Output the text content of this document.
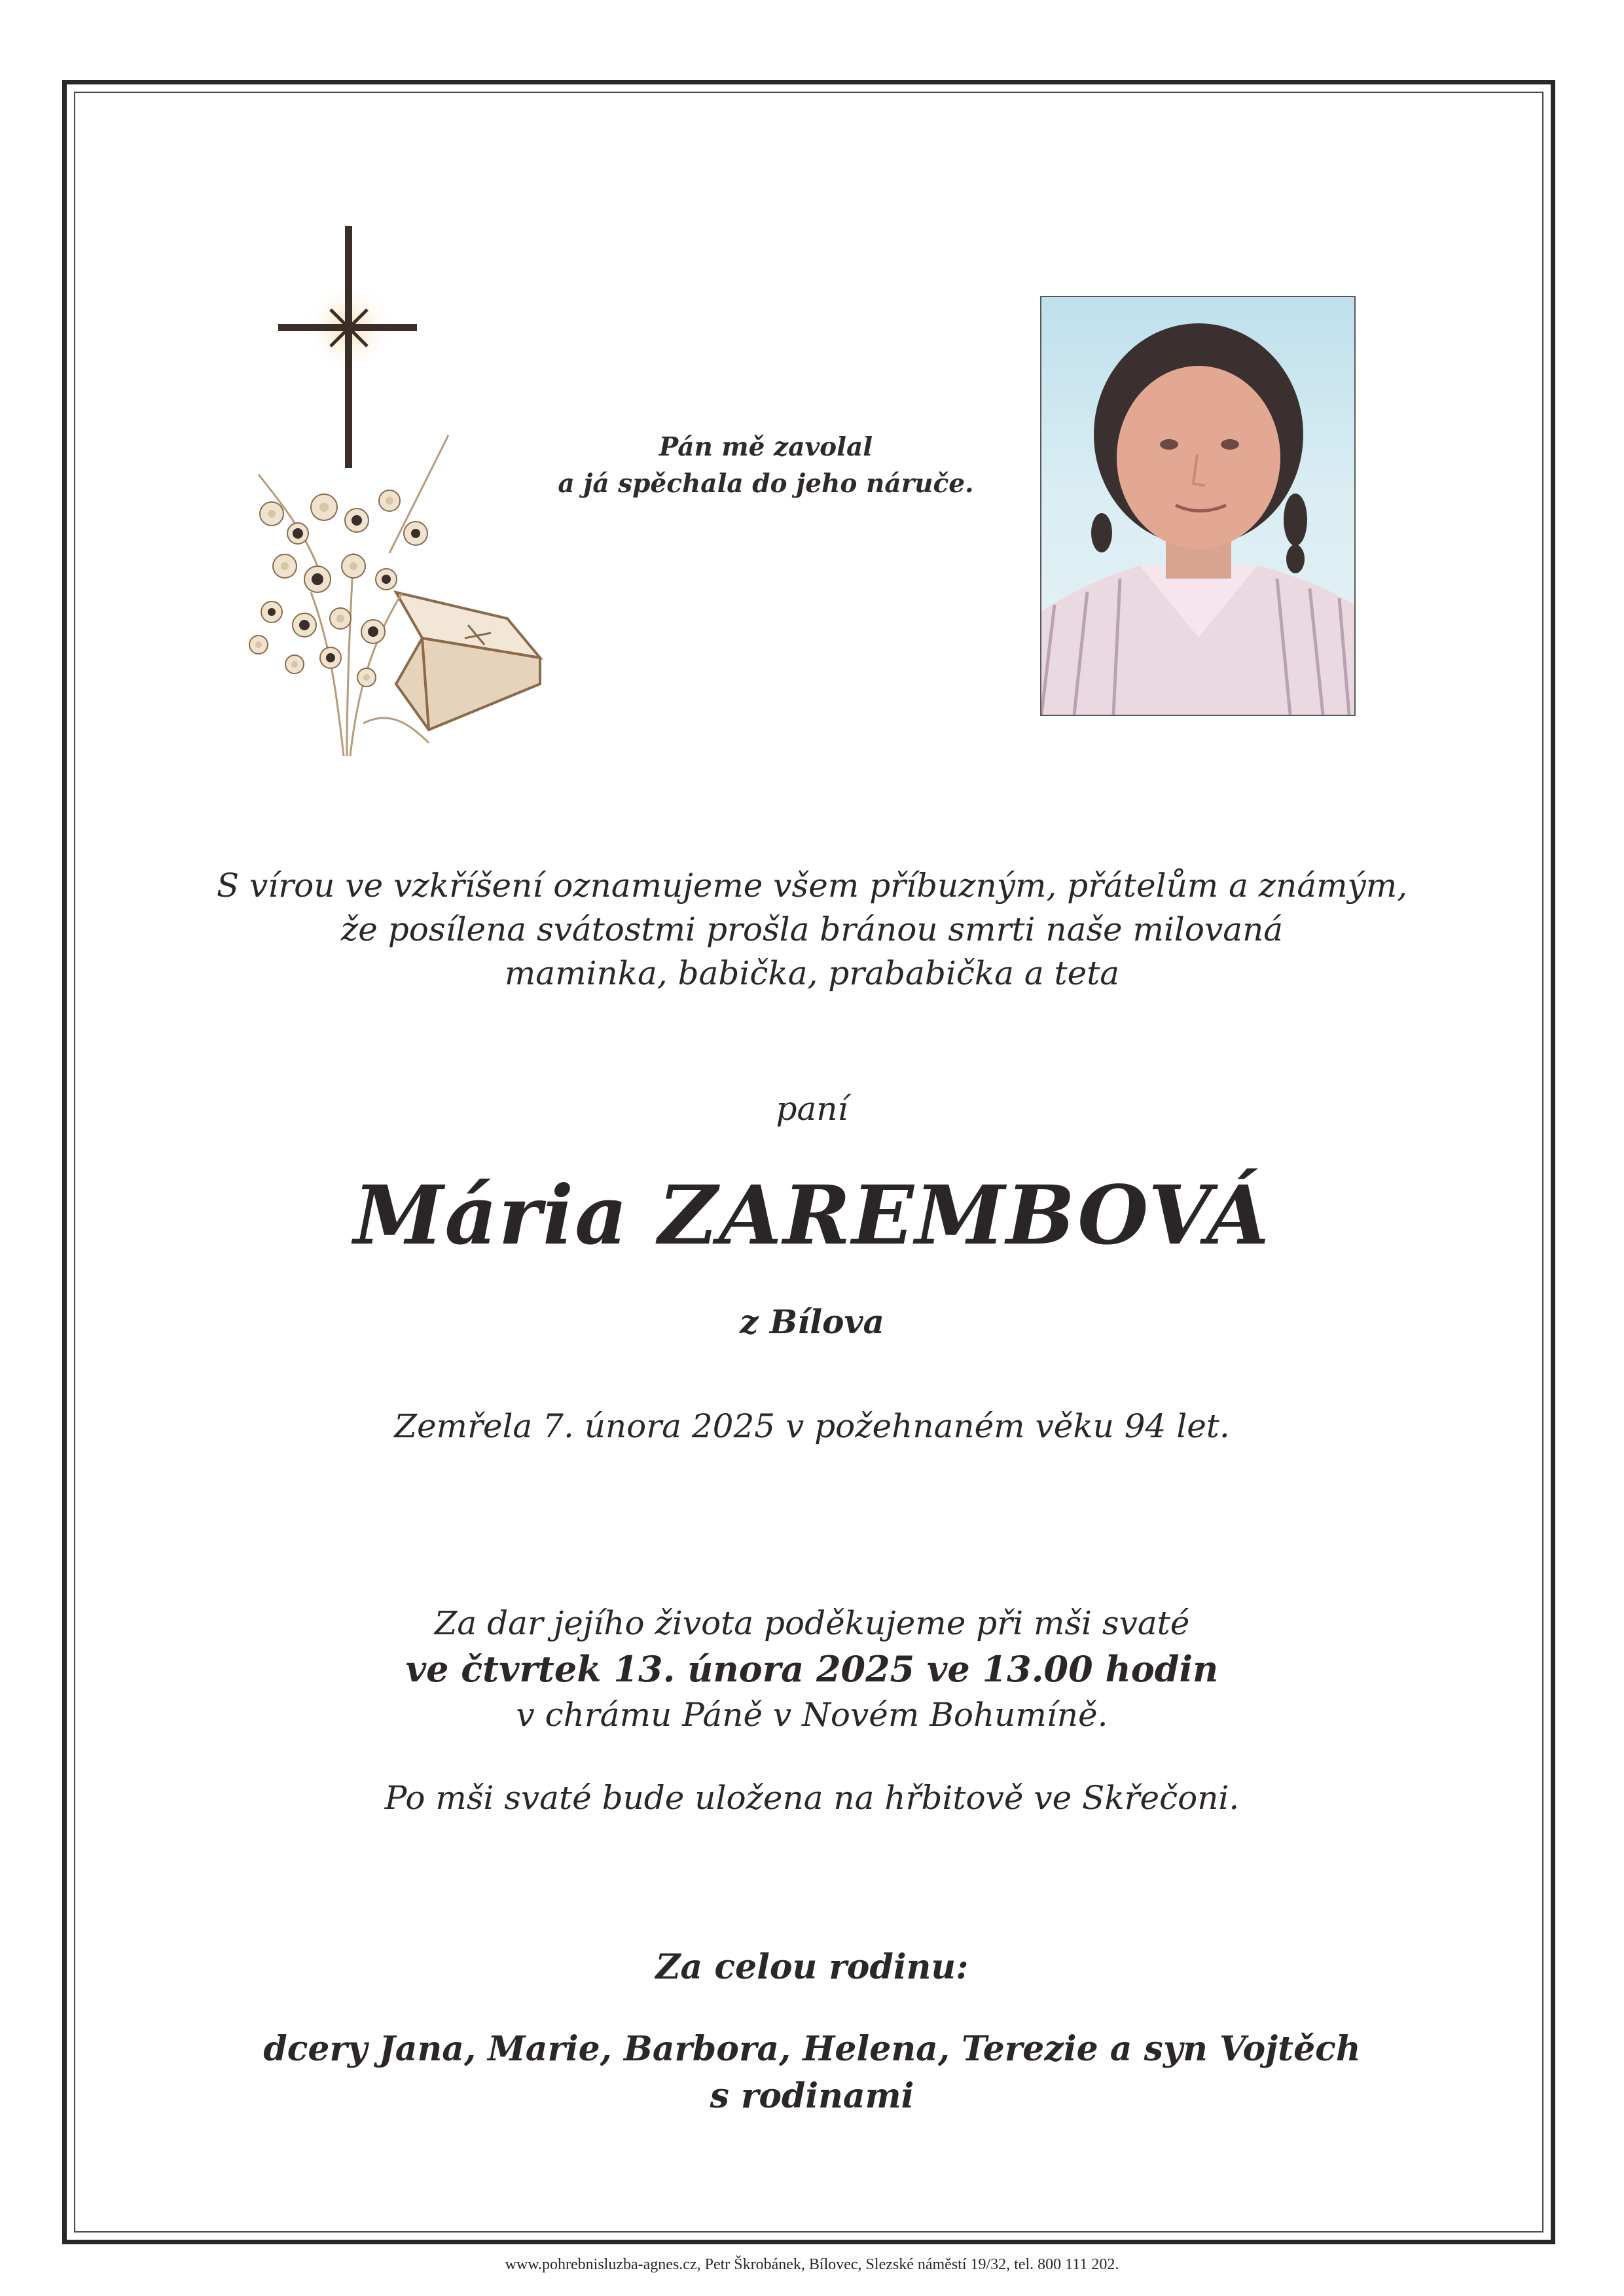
Pán mě zavolal
a já spěchala do jeho náruče.
S vírou ve vzkříšení oznamujeme všem příbuzným, přátelům a známým,
že posílena svátostmi prošla bránou smrti naše milovaná
maminka, babička, prababička a teta
paní
Mária ZAREMBOVÁ
z Bílova
Zemřela 7. února 2025 v požehnaném věku 94 let.
Za dar jejího života poděkujeme při mši svaté
ve čtvrtek 13. února 2025 ve 13.00 hodin
v chrámu Páně v Novém Bohumíně.
Po mši svaté bude uložena na hřbitově ve Skřečoni.
Za celou rodinu:
dcery Jana, Marie, Barbora, Helena, Terezie a syn Vojtěch
s rodinami
www.pohrebnisluzba-agnes.cz, Petr Škrobánek, Bílovec, Slezské náměstí 19/32, tel. 800 111 202.
